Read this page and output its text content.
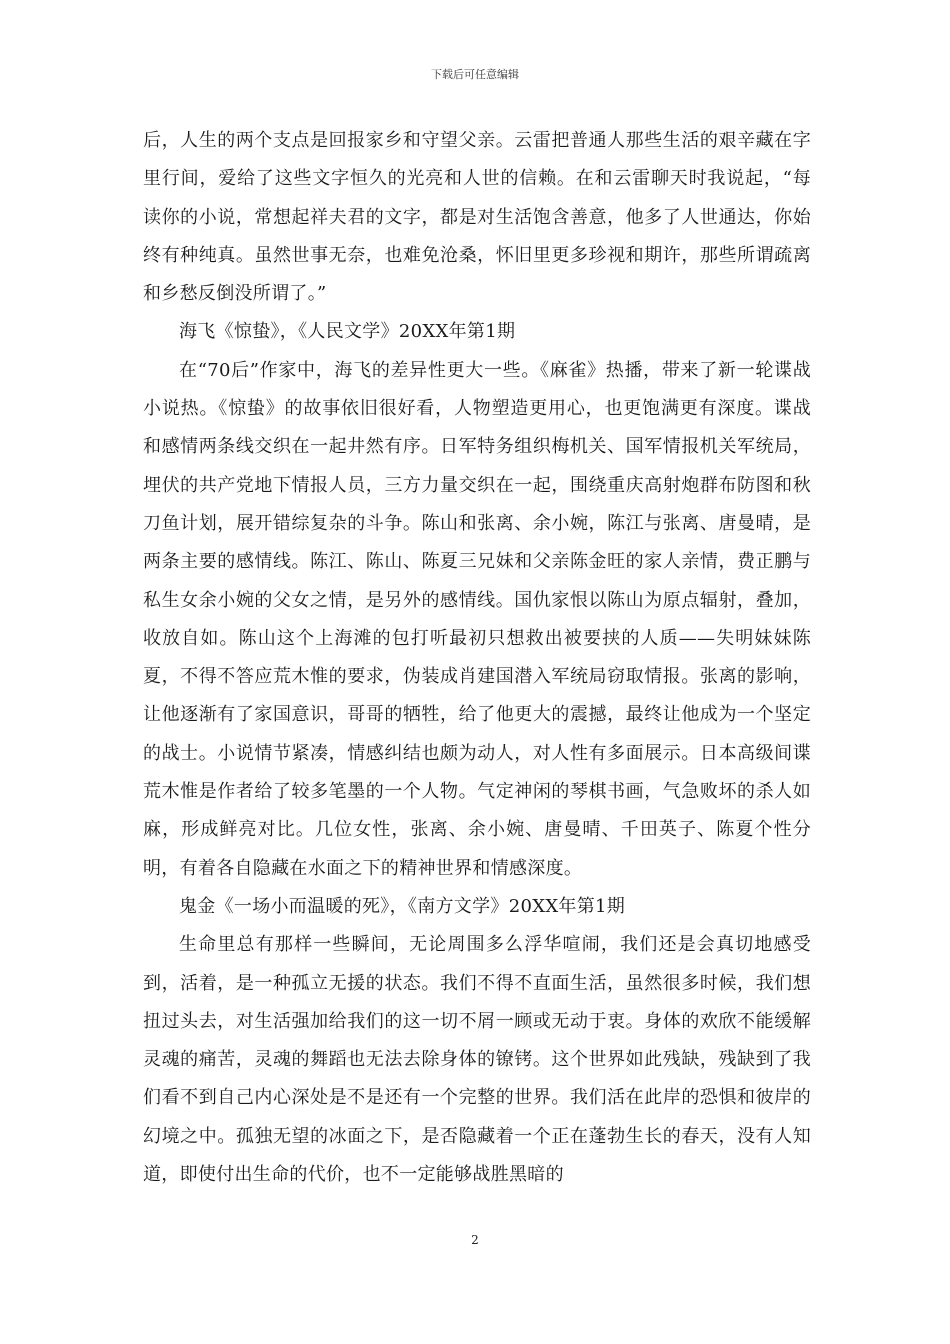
下载后可任意编辑

后，人生的两个支点是回报家乡和守望父亲。云雷把普通人那些生活的艰辛藏在字里行间，爱给了这些文字恒久的光亮和人世的信赖。在和云雷聊天时我说起，“每读你的小说，常想起祥夫君的文字，都是对生活饱含善意，他多了人世通达，你始终有种纯真。虽然世事无奈，也难免沧桑，怀旧里更多珍视和期许，那些所谓疏离和乡愁反倒没所谓了。”

海飞《惊蛰》，《人民文学》20XX年第1期

在“70后”作家中，海飞的差异性更大一些。《麻雀》热播，带来了新一轮谍战小说热。《惊蛰》的故事依旧很好看，人物塑造更用心，也更饱满更有深度。谍战和感情两条线交织在一起井然有序。日军特务组织梅机关、国军情报机关军统局，埋伏的共产党地下情报人员，三方力量交织在一起，围绕重庆高射炮群布防图和秋刀鱼计划，展开错综复杂的斗争。陈山和张离、余小婉，陈江与张离、唐曼晴，是两条主要的感情线。陈江、陈山、陈夏三兄妹和父亲陈金旺的家人亲情，费正鹏与私生女余小婉的父女之情，是另外的感情线。国仇家恨以陈山为原点辐射，叠加，收放自如。陈山这个上海滩的包打听最初只想救出被要挟的人质——失明妹妹陈夏，不得不答应荒木惟的要求，伪装成肖建国潜入军统局窃取情报。张离的影响，让他逐渐有了家国意识，哥哥的牺牲，给了他更大的震撼，最终让他成为一个坚定的战士。小说情节紧凑，情感纠结也颇为动人，对人性有多面展示。日本高级间谍荒木惟是作者给了较多笔墨的一个人物。气定神闲的琴棋书画，气急败坏的杀人如麻，形成鲜亮对比。几位女性，张离、余小婉、唐曼晴、千田英子、陈夏个性分明，有着各自隐藏在水面之下的精神世界和情感深度。

鬼金《一场小而温暖的死》，《南方文学》20XX年第1期

生命里总有那样一些瞬间，无论周围多么浮华喧闹，我们还是会真切地感受到，活着，是一种孤立无援的状态。我们不得不直面生活，虽然很多时候，我们想扭过头去，对生活强加给我们的这一切不屑一顾或无动于衷。身体的欢欣不能缓解灵魂的痛苦，灵魂的舞蹈也无法去除身体的镣铐。这个世界如此残缺，残缺到了我们看不到自己内心深处是不是还有一个完整的世界。我们活在此岸的恐惧和彼岸的幻境之中。孤独无望的冰面之下，是否隐藏着一个正在蓬勃生长的春天，没有人知道，即使付出生命的代价，也不一定能够战胜黑暗的

2
